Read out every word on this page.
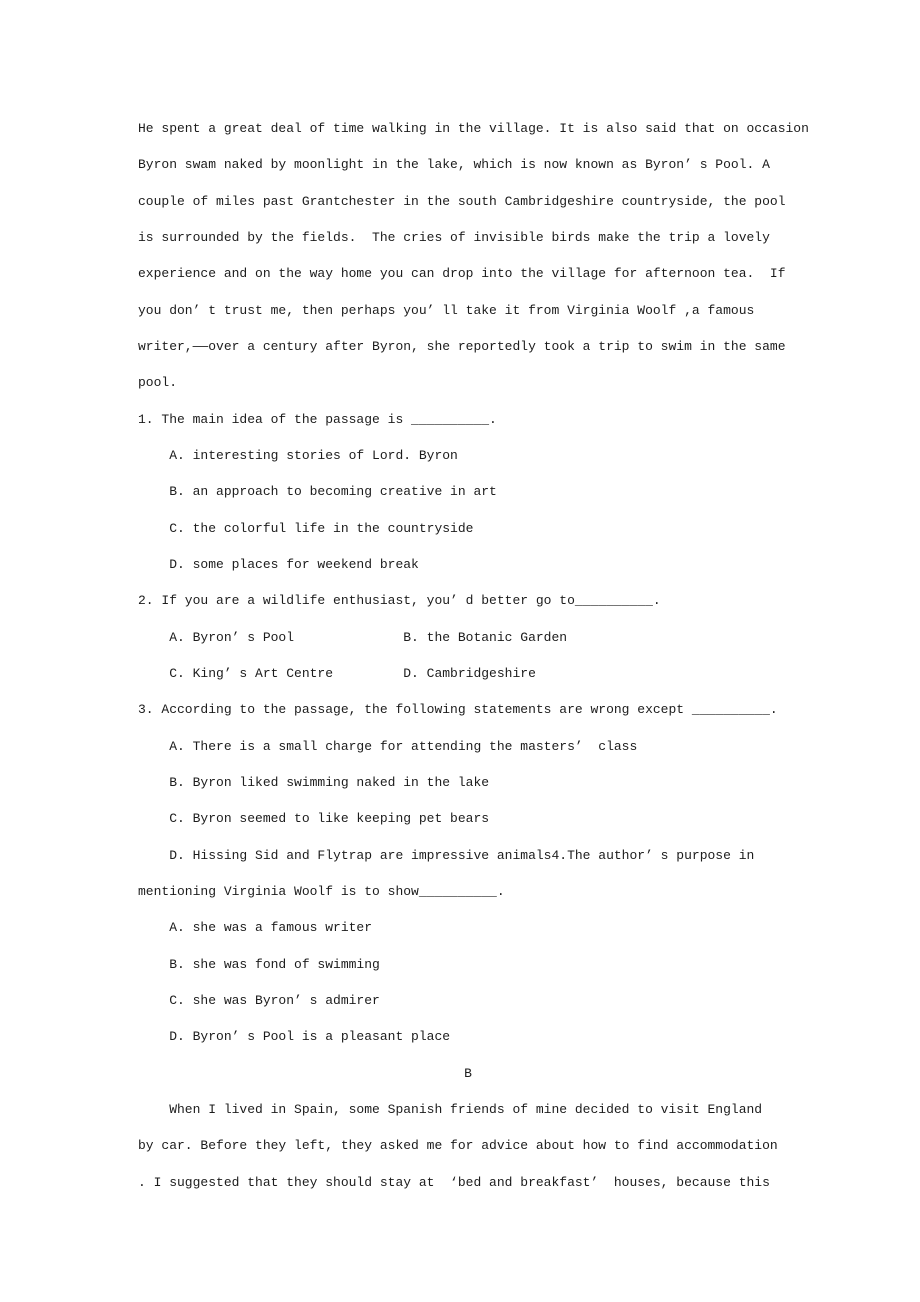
He spent a great deal of time walking in the village. It is also said that on occasion
Byron swam naked by moonlight in the lake, which is now known as Byron’ s Pool. A
couple of miles past Grantchester in the south Cambridgeshire countryside, the pool
is surrounded by the fields.  The cries of invisible birds make the trip a lovely
experience and on the way home you can drop into the village for afternoon tea.  If
you don’ t trust me, then perhaps you’ ll take it from Virginia Woolf ,a famous
writer,——over a century after Byron, she reportedly took a trip to swim in the same
pool.
1. The main idea of the passage is __________.
A. interesting stories of Lord. Byron
B. an approach to becoming creative in art
C. the colorful life in the countryside
D. some places for weekend break
2. If you are a wildlife enthusiast, you’ d better go to__________.
A. Byron’ s Pool              B. the Botanic Garden
C. King’ s Art Centre         D. Cambridgeshire
3. According to the passage, the following statements are wrong except __________.
A. There is a small charge for attending the masters’  class
B. Byron liked swimming naked in the lake
C. Byron seemed to like keeping pet bears
D. Hissing Sid and Flytrap are impressive animals4.The author’ s purpose in
mentioning Virginia Woolf is to show__________.
A. she was a famous writer
B. she was fond of swimming
C. she was Byron’ s admirer
D. Byron’ s Pool is a pleasant place
B
When I lived in Spain, some Spanish friends of mine decided to visit England
by car. Before they left, they asked me for advice about how to find accommodation
. I suggested that they should stay at  ‘bed and breakfast’  houses, because this
